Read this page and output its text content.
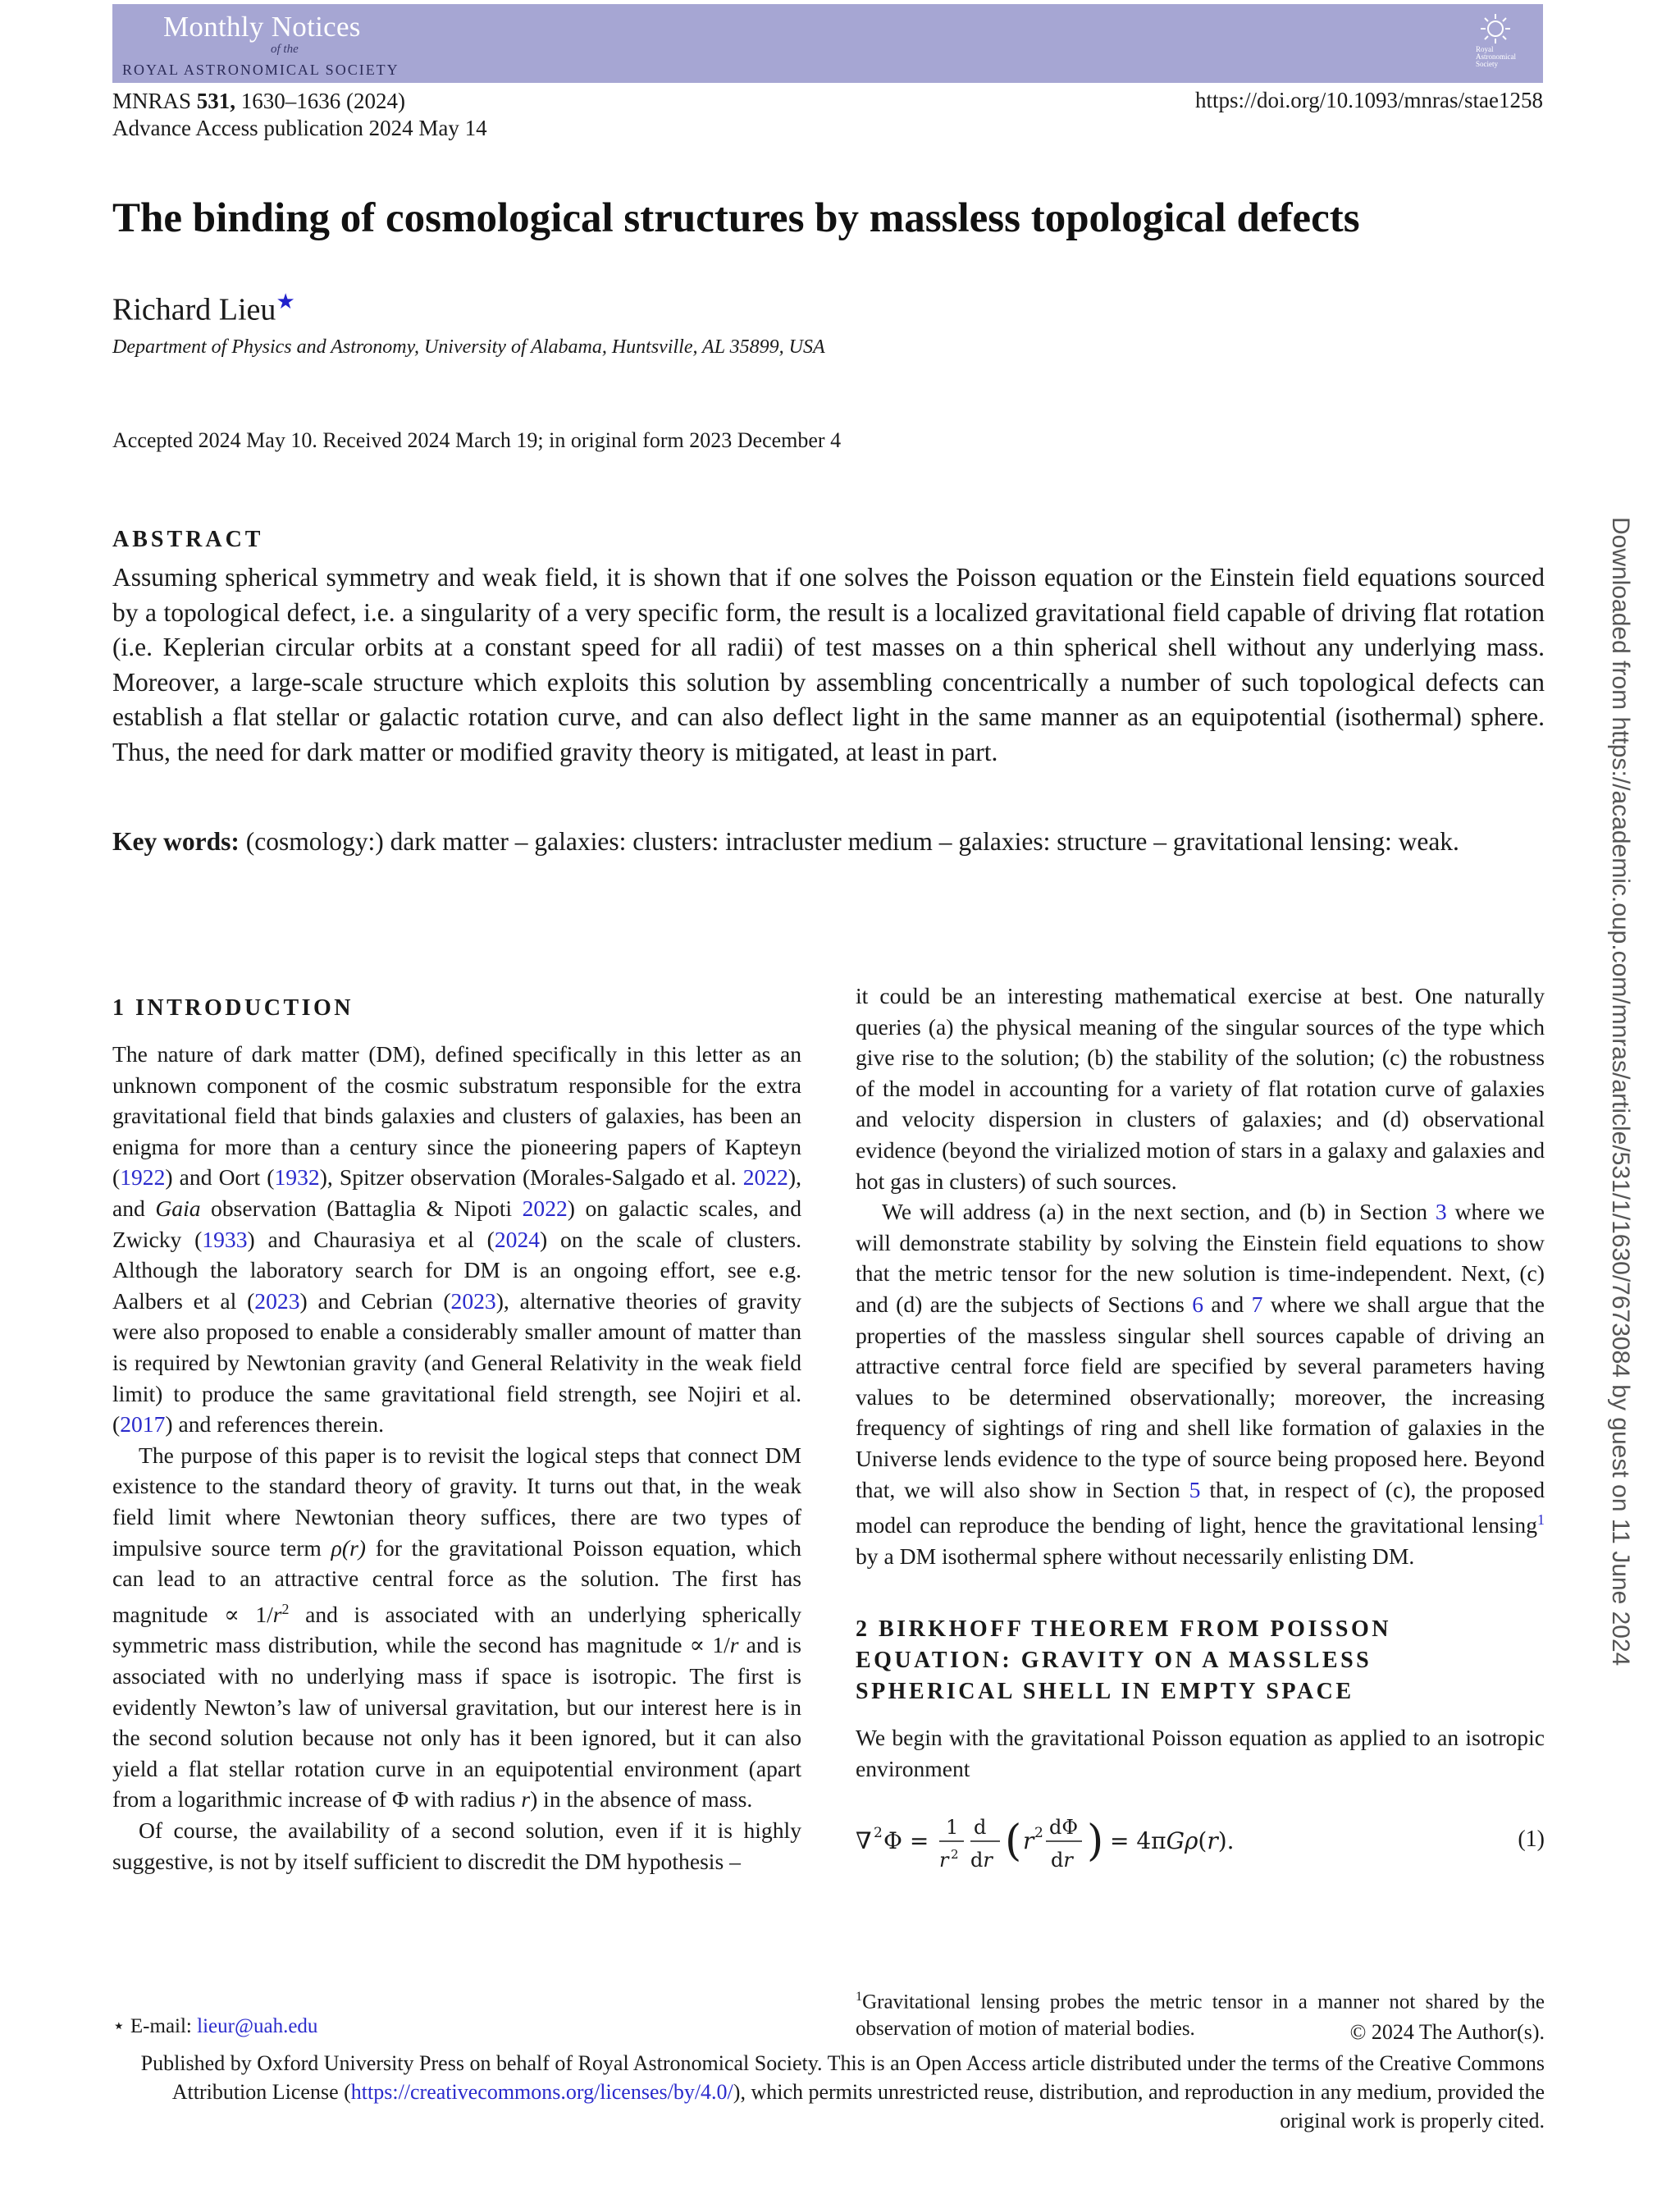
Monthly Notices
of the
ROYAL ASTRONOMICAL SOCIETY
Royal
Astronomical
Society
MNRAS 531, 1630–1636 (2024)
Advance Access publication 2024 May 14
https://doi.org/10.1093/mnras/stae1258
The binding of cosmological structures by massless topological defects
Richard Lieu★
Department of Physics and Astronomy, University of Alabama, Huntsville, AL 35899, USA
Accepted 2024 May 10. Received 2024 March 19; in original form 2023 December 4
ABSTRACT
Assuming spherical symmetry and weak field, it is shown that if one solves the Poisson equation or the Einstein field equations sourced by a topological defect, i.e. a singularity of a very specific form, the result is a localized gravitational field capable of driving flat rotation (i.e. Keplerian circular orbits at a constant speed for all radii) of test masses on a thin spherical shell without any underlying mass. Moreover, a large-scale structure which exploits this solution by assembling concentrically a number of such topological defects can establish a flat stellar or galactic rotation curve, and can also deflect light in the same manner as an equipotential (isothermal) sphere. Thus, the need for dark matter or modified gravity theory is mitigated, at least in part.
Key words: (cosmology:) dark matter – galaxies: clusters: intracluster medium – galaxies: structure – gravitational lensing: weak.
1 INTRODUCTION

The nature of dark matter (DM), defined specifically in this letter as an unknown component of the cosmic substratum responsible for the extra gravitational field that binds galaxies and clusters of galaxies, has been an enigma for more than a century since the pioneering papers of Kapteyn (1922) and Oort (1932), Spitzer observation (Morales-Salgado et al. 2022), and Gaia observation (Battaglia & Nipoti 2022) on galactic scales, and Zwicky (1933) and Chaurasiya et al (2024) on the scale of clusters. Although the laboratory search for DM is an ongoing effort, see e.g. Aalbers et al (2023) and Cebrian (2023), alternative theories of gravity were also proposed to enable a considerably smaller amount of matter than is required by Newtonian gravity (and General Relativity in the weak field limit) to produce the same gravitational field strength, see Nojiri et al. (2017) and references therein.

The purpose of this paper is to revisit the logical steps that connect DM existence to the standard theory of gravity. It turns out that, in the weak field limit where Newtonian theory suffices, there are two types of impulsive source term ρ(r) for the gravitational Poisson equation, which can lead to an attractive central force as the solution. The first has magnitude ∝ $1/r^2$ and is associated with an underlying spherically symmetric mass distribution, while the second has magnitude ∝ 1/r and is associated with no underlying mass if space is isotropic. The first is evidently Newton’s law of universal gravitation, but our interest here is in the second solution because not only has it been ignored, but it can also yield a flat stellar rotation curve in an equipotential environment (apart from a logarithmic increase of Φ with radius r) in the absence of mass.

Of course, the availability of a second solution, even if it is highly suggestive, is not by itself sufficient to discredit the DM hypothesis –

it could be an interesting mathematical exercise at best. One naturally queries (a) the physical meaning of the singular sources of the type which give rise to the solution; (b) the stability of the solution; (c) the robustness of the model in accounting for a variety of flat rotation curve of galaxies and velocity dispersion in clusters of galaxies; and (d) observational evidence (beyond the virialized motion of stars in a galaxy and galaxies and hot gas in clusters) of such sources.

We will address (a) in the next section, and (b) in Section 3 where we will demonstrate stability by solving the Einstein field equations to show that the metric tensor for the new solution is time-independent. Next, (c) and (d) are the subjects of Sections 6 and 7 where we shall argue that the properties of the massless singular shell sources capable of driving an attractive central force field are specified by several parameters having values to be determined observationally; moreover, the increasing frequency of sightings of ring and shell like formation of galaxies in the Universe lends evidence to the type of source being proposed here. Beyond that, we will also show in Section 5 that, in respect of (c), the proposed model can reproduce the bending of light, hence the gravitational lensing$^1$ by a DM isothermal sphere without necessarily enlisting DM.

2 BIRKHOFF THEOREM FROM POISSON EQUATION: GRAVITY ON A MASSLESS SPHERICAL SHELL IN EMPTY SPACE

We begin with the gravitational Poisson equation as applied to an isotropic environment

∇ 2 Φ = 1
r 2
d
dr ( r 2 dΦ
dr ) = 4πGρ(r).	(1)
⋆ E-mail: lieur@uah.edu
$^1$Gravitational lensing probes the metric tensor in a manner not shared by the observation of motion of material bodies.	© 2024 The Author(s).
Published by Oxford University Press on behalf of Royal Astronomical Society. This is an Open Access article distributed under the terms of the Creative Commons Attribution License (https://creativecommons.org/licenses/by/4.0/), which permits unrestricted reuse, distribution, and reproduction in any medium, provided the original work is properly cited.
Downloaded from https://academic.oup.com/mnras/article/531/1/1630/7673084 by guest on 11 June 2024
